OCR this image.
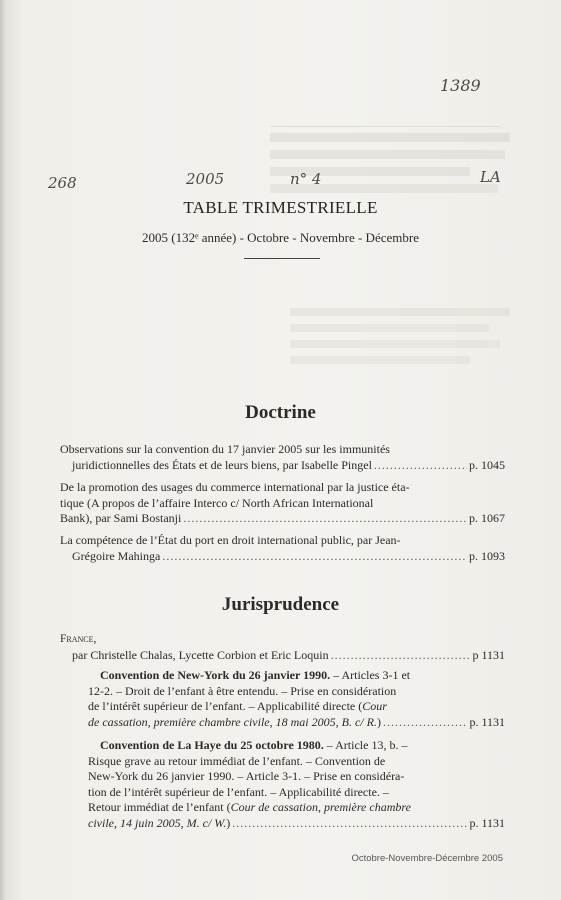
1389
268	2005	n° 4	LA
TABLE TRIMESTRIELLE
2005 (132ᵉ année) - Octobre - Novembre - Décembre
Doctrine
Observations sur la convention du 17 janvier 2005 sur les immunités
juridictionnelles des États et de leurs biens, par Isabelle Pingel .....	p. 1045
De la promotion des usages du commerce international par la justice éta-
tique (A propos de l’affaire Interco c/ North African International
Bank), par Sami Bostanji .....	p. 1067
La compétence de l’État du port en droit international public, par Jean-
Grégoire Mahinga .....	p. 1093
Jurisprudence
France,
par Christelle Chalas, Lycette Corbion et Eric Loquin .....	p 1131
Convention de New-York du 26 janvier 1990. – Articles 3-1 et
12-2. – Droit de l’enfant à être entendu. – Prise en considération
de l’intérêt supérieur de l’enfant. – Applicabilité directe (Cour
de cassation, première chambre civile, 18 mai 2005, B. c/ R. ) .....	p. 1131
Convention de La Haye du 25 octobre 1980. – Article 13, b. –
Risque grave au retour immédiat de l’enfant. – Convention de
New-York du 26 janvier 1990. – Article 3-1. – Prise en considéra-
tion de l’intérêt supérieur de l’enfant. – Applicabilité directe. –
Retour immédiat de l’enfant (Cour de cassation, première chambre
civile, 14 juin 2005, M. c/ W. ) .....	p. 1131
Octobre-Novembre-Décembre 2005
